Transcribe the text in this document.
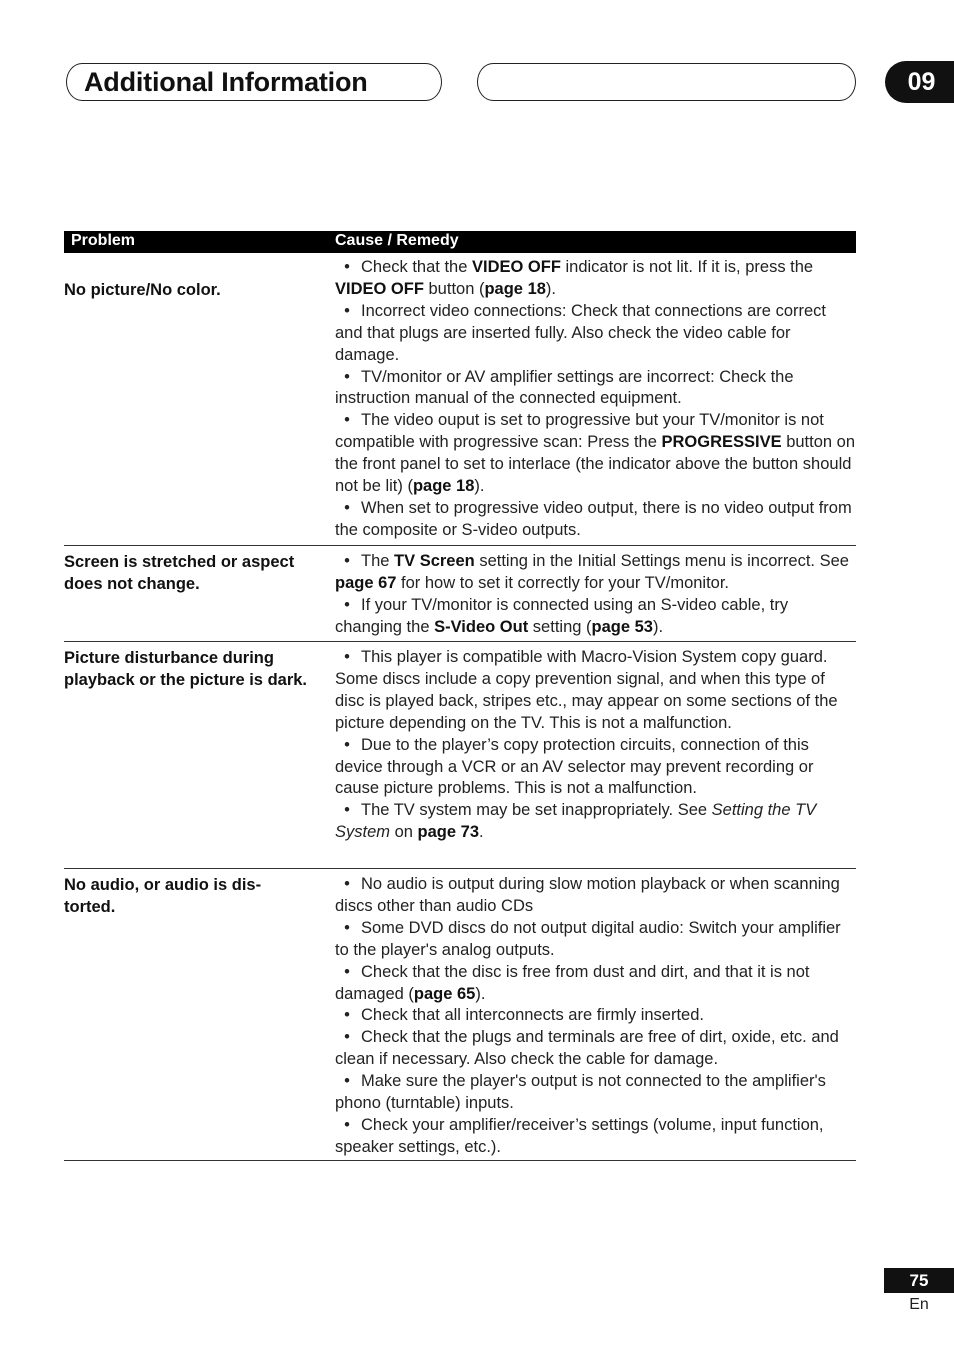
Additional Information	09
Problem	Cause / Remedy
No picture/No color.

• Check that the VIDEO OFF indicator is not lit. If it is, press the VIDEO OFF button (page 18).

• Incorrect video connections: Check that connections are correct and that plugs are inserted fully. Also check the video cable for damage.

• TV/monitor or AV amplifier settings are incorrect: Check the instruction manual of the connected equipment.

• The video ouput is set to progressive but your TV/monitor is not compatible with progressive scan: Press the PROGRESSIVE button on the front panel to set to interlace (the indicator above the button should not be lit) (page 18).

• When set to progressive video output, there is no video output from the composite or S-video outputs.

Screen is stretched or aspect does not change.

• The TV Screen setting in the Initial Settings menu is incorrect. See page 67 for how to set it correctly for your TV/monitor.

• If your TV/monitor is connected using an S-video cable, try changing the S-Video Out setting (page 53).

Picture disturbance during playback or the picture is dark.

• This player is compatible with Macro-Vision System copy guard. Some discs include a copy prevention signal, and when this type of disc is played back, stripes etc., may appear on some sections of the picture depending on the TV. This is not a malfunction.

• Due to the player’s copy protection circuits, connection of this device through a VCR or an AV selector may prevent recording or cause picture problems. This is not a malfunction.

• The TV system may be set inappropriately. See Setting the TV System on page 73.

No audio, or audio is dis-torted.

• No audio is output during slow motion playback or when scanning discs other than audio CDs

• Some DVD discs do not output digital audio: Switch your amplifier to the player's analog outputs.

• Check that the disc is free from dust and dirt, and that it is not damaged (page 65).

• Check that all interconnects are firmly inserted.

• Check that the plugs and terminals are free of dirt, oxide, etc. and clean if necessary. Also check the cable for damage.

• Make sure the player's output is not connected to the amplifier's phono (turntable) inputs.

• Check your amplifier/receiver’s settings (volume, input function, speaker settings, etc.).

75
En
